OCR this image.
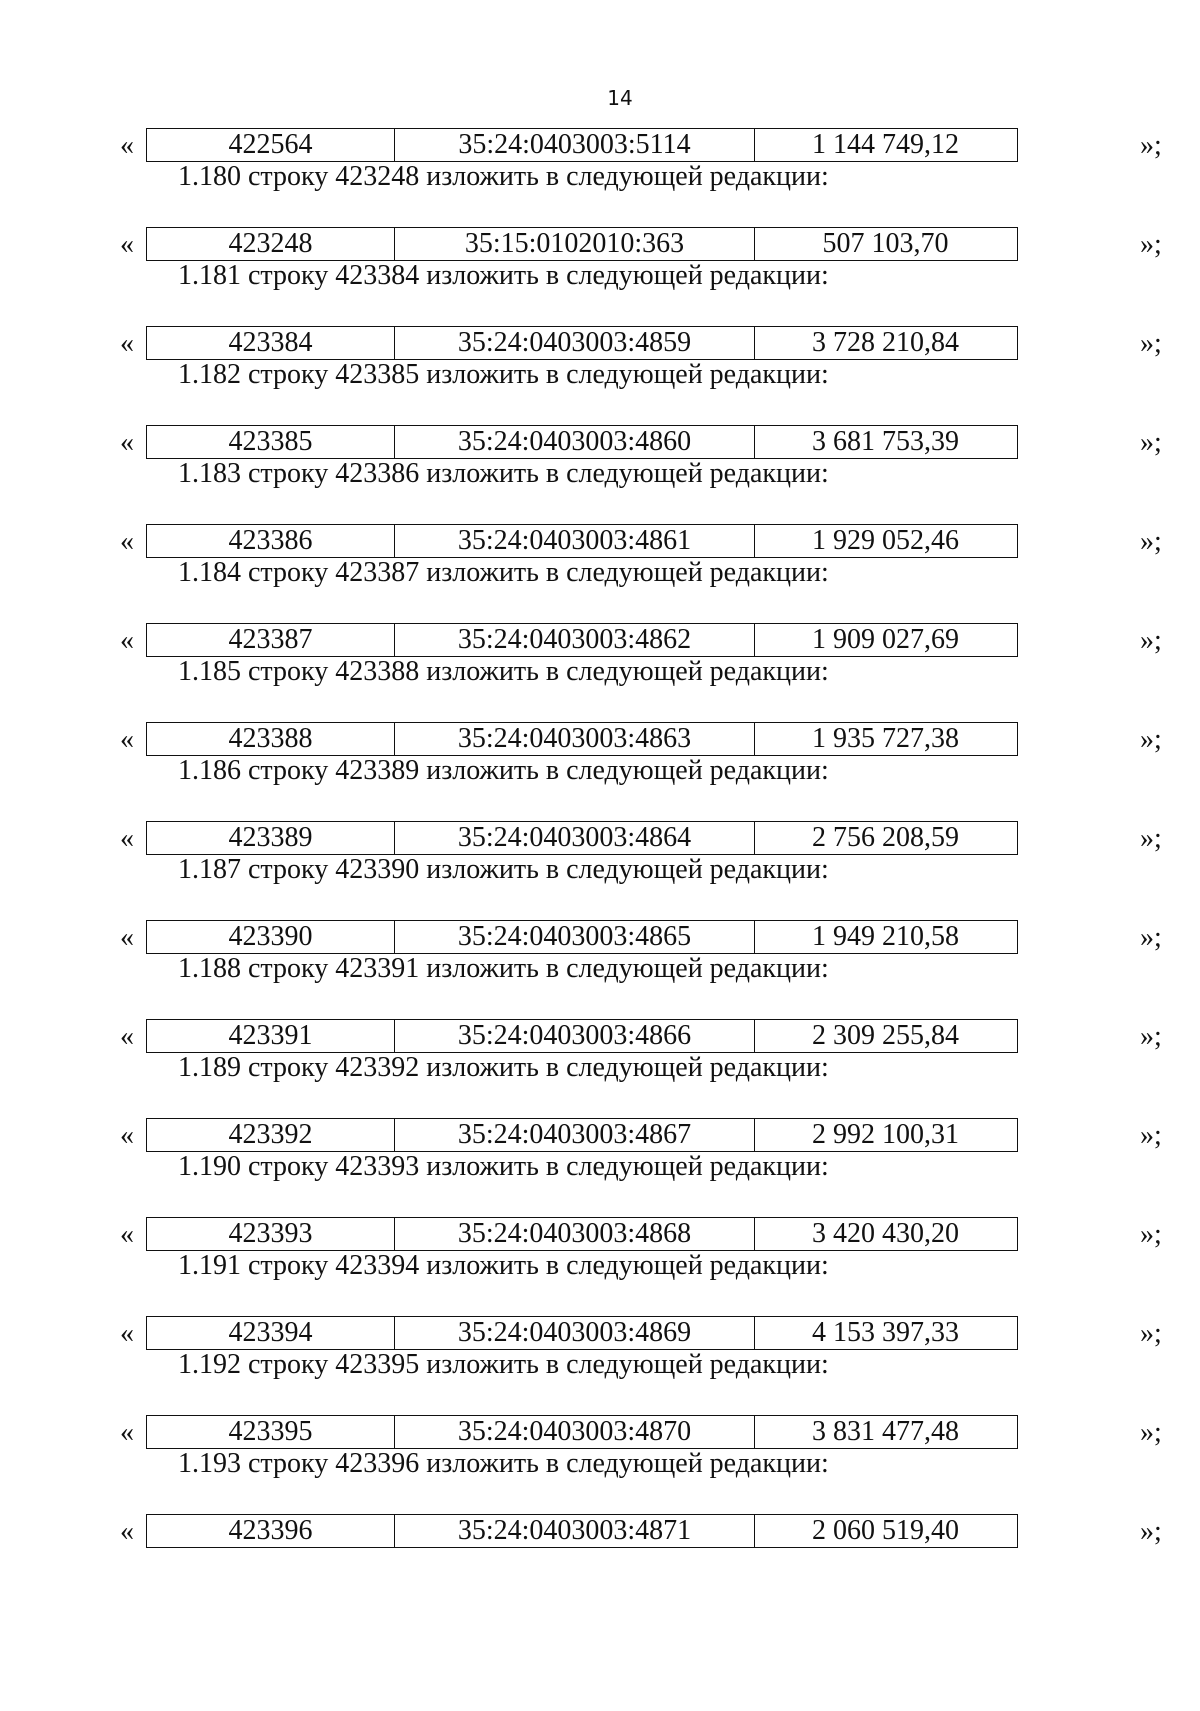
14
«	422564	35:24:0403003:5114	1 144 749,12	»;
1.180 строку 423248 изложить в следующей редакции:
«	423248	35:15:0102010:363	507 103,70	»;
1.181 строку 423384 изложить в следующей редакции:
«	423384	35:24:0403003:4859	3 728 210,84	»;
1.182 строку 423385 изложить в следующей редакции:
«	423385	35:24:0403003:4860	3 681 753,39	»;
1.183 строку 423386 изложить в следующей редакции:
«	423386	35:24:0403003:4861	1 929 052,46	»;
1.184 строку 423387 изложить в следующей редакции:
«	423387	35:24:0403003:4862	1 909 027,69	»;
1.185 строку 423388 изложить в следующей редакции:
«	423388	35:24:0403003:4863	1 935 727,38	»;
1.186 строку 423389 изложить в следующей редакции:
«	423389	35:24:0403003:4864	2 756 208,59	»;
1.187 строку 423390 изложить в следующей редакции:
«	423390	35:24:0403003:4865	1 949 210,58	»;
1.188 строку 423391 изложить в следующей редакции:
«	423391	35:24:0403003:4866	2 309 255,84	»;
1.189 строку 423392 изложить в следующей редакции:
«	423392	35:24:0403003:4867	2 992 100,31	»;
1.190 строку 423393 изложить в следующей редакции:
«	423393	35:24:0403003:4868	3 420 430,20	»;
1.191 строку 423394 изложить в следующей редакции:
«	423394	35:24:0403003:4869	4 153 397,33	»;
1.192 строку 423395 изложить в следующей редакции:
«	423395	35:24:0403003:4870	3 831 477,48	»;
1.193 строку 423396 изложить в следующей редакции:
«	423396	35:24:0403003:4871	2 060 519,40	»;
